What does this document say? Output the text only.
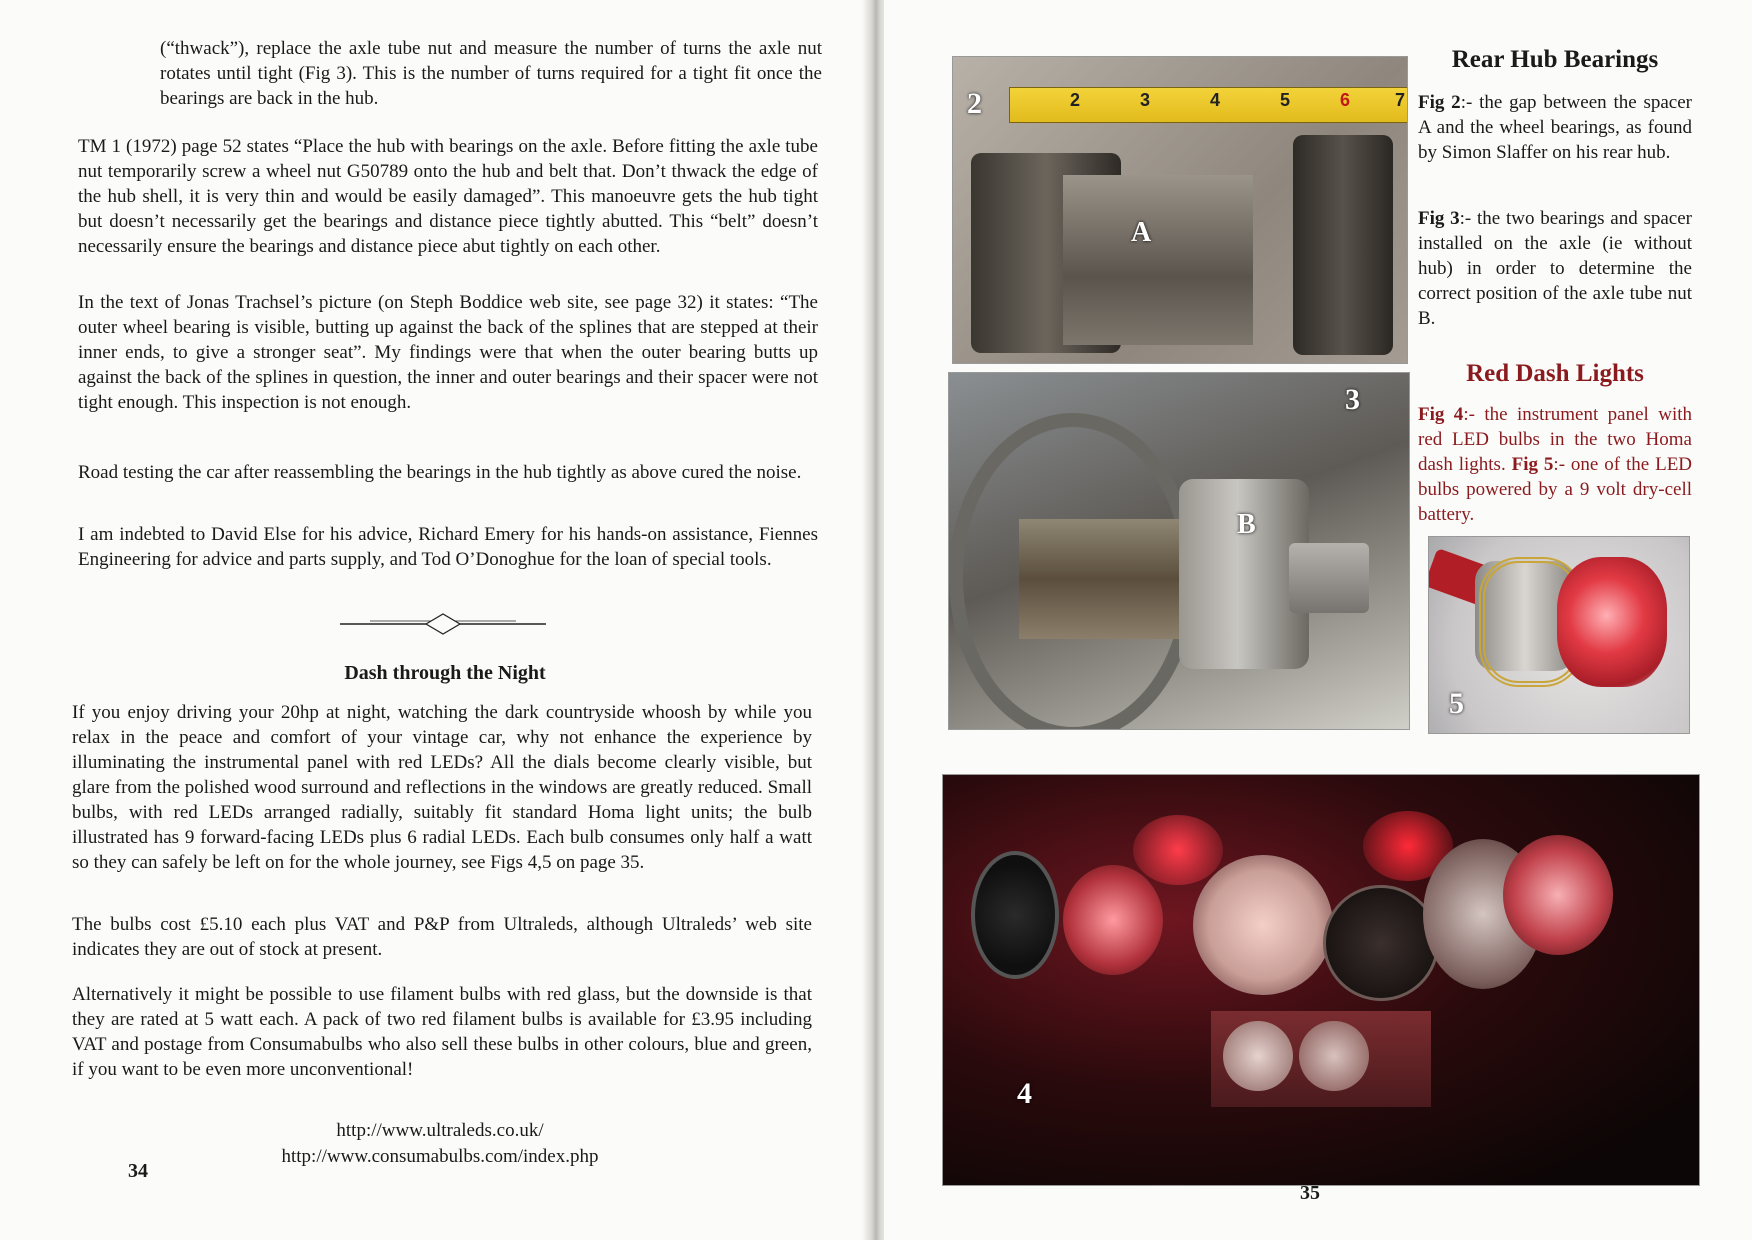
(“thwack”), replace the axle tube nut and measure the number of turns the axle nut rotates until tight (Fig 3). This is the number of turns required for a tight fit once the bearings are back in the hub.

TM 1 (1972) page 52 states “Place the hub with bearings on the axle. Before fitting the axle tube nut temporarily screw a wheel nut G50789 onto the hub and belt that. Don’t thwack the edge of the hub shell, it is very thin and would be easily damaged”. This manoeuvre gets the hub tight but doesn’t necessarily get the bearings and distance piece tightly abutted. This “belt” doesn’t necessarily ensure the bearings and distance piece abut tightly on each other.

In the text of Jonas Trachsel’s picture (on Steph Boddice web site, see page 32) it states: “The outer wheel bearing is visible, butting up against the back of the splines that are stepped at their inner ends, to give a stronger seat”. My findings were that when the outer bearing butts up against the back of the splines in question, the inner and outer bearings and their spacer were not tight enough. This inspection is not enough.

Road testing the car after reassembling the bearings in the hub tightly as above cured the noise.

I am indebted to David Else for his advice, Richard Emery for his hands-on assistance, Fiennes Engineering for advice and parts supply, and Tod O’Donoghue for the loan of special tools.

Dash through the Night

If you enjoy driving your 20hp at night, watching the dark countryside whoosh by while you relax in the peace and comfort of your vintage car, why not enhance the experience by illuminating the instrumental panel with red LEDs? All the dials become clearly visible, but glare from the polished wood surround and reflections in the windows are greatly reduced. Small bulbs, with red LEDs arranged radially, suitably fit standard Homa light units; the bulb illustrated has 9 forward-facing LEDs plus 6 radial LEDs. Each bulb consumes only half a watt so they can safely be left on for the whole journey, see Figs 4,5 on page 35.

The bulbs cost £5.10 each plus VAT and P&P from Ultraleds, although Ultraleds’ web site indicates they are out of stock at present.

Alternatively it might be possible to use filament bulbs with red glass, but the downside is that they are rated at 5 watt each. A pack of two red filament bulbs is available for £3.95 including VAT and postage from Consumabulbs who also sell these bulbs in other colours, blue and green, if you want to be even more unconventional!

http://www.ultraleds.co.uk/
http://www.consumabulbs.com/index.php
34
2	3	4	5	6 7
2
A
3
B
Rear Hub Bearings

Fig 2:- the gap between the spacer A and the wheel bearings, as found by Simon Slaffer on his rear hub.

Fig 3:- the two bearings and spacer installed on the axle (ie without hub) in order to determine the correct position of the axle tube nut B.

Red Dash Lights

Fig 4:- the instrument panel with red LED bulbs in the two Homa dash lights. Fig 5:- one of the LED bulbs powered by a 9 volt dry-cell battery.

5
4
35
